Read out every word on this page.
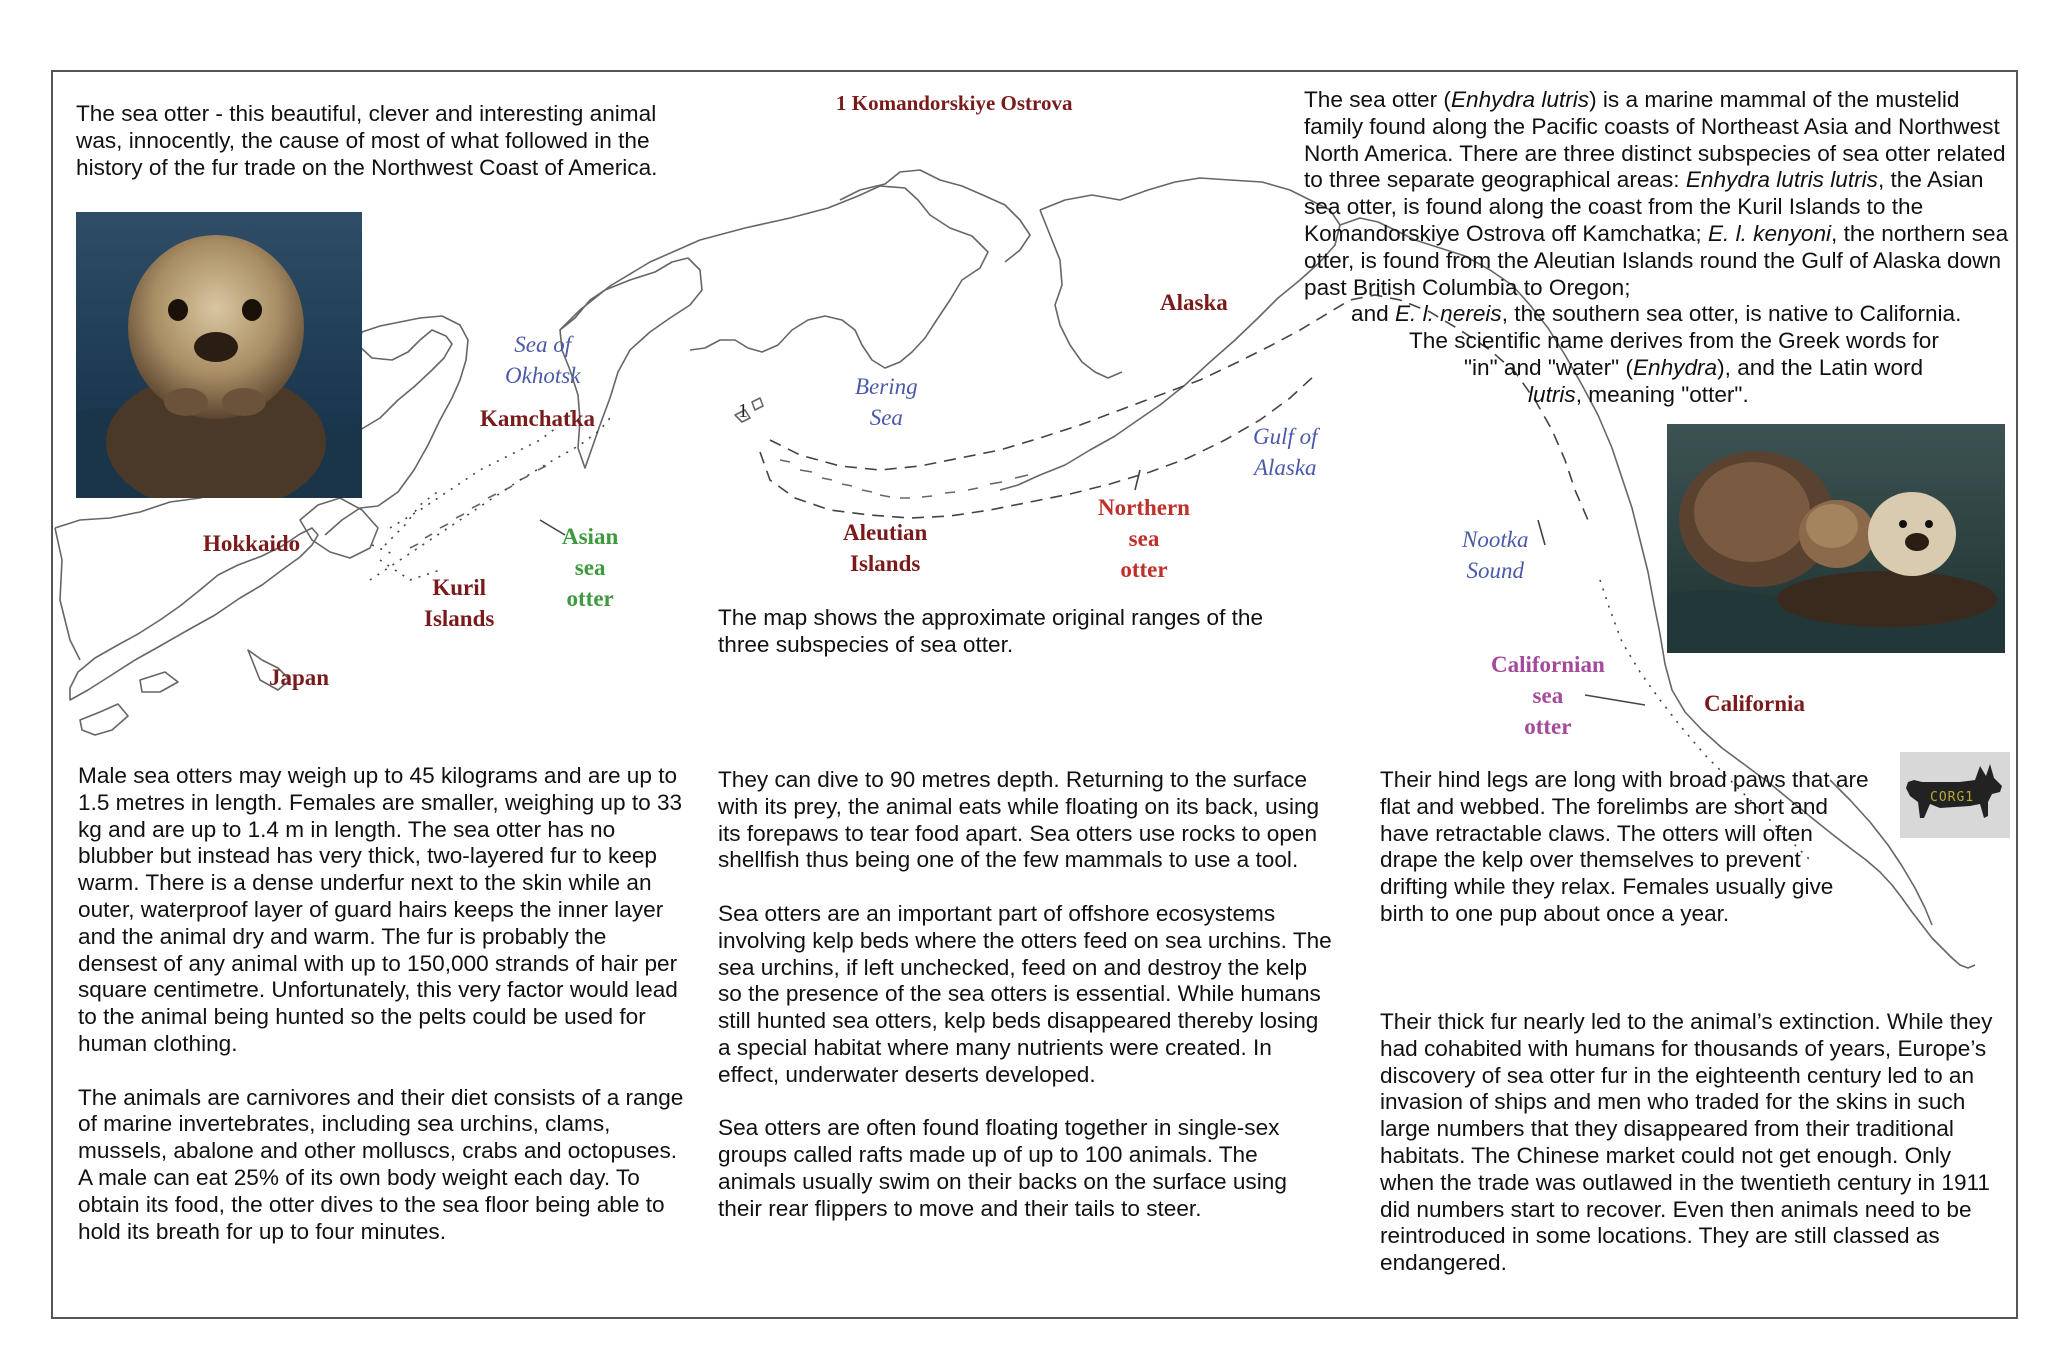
CORG1
The sea otter - this beautiful, clever and interesting animal was, innocently, the cause of most of what followed in the history of the fur trade on the Northwest Coast of America.
The sea otter (Enhydra lutris) is a marine mammal of the mustelid family found along the Pacific coasts of Northeast Asia and Northwest North America. There are three distinct subspecies of sea otter related to three separate geographical areas: Enhydra lutris lutris, the Asian sea otter, is found along the coast from the Kuril Islands to the Komandorskiye Ostrova off Kamchatka; E. l. kenyoni, the northern sea otter, is found from the Aleutian Islands round the Gulf of Alaska down past British Columbia to Oregon;
and E. l. nereis, the southern sea otter, is native to California.
The scientific name derives from the Greek words for
"in" and "water" (Enhydra), and the Latin word
lutris, meaning "otter".
The map shows the approximate original ranges of the three subspecies of sea otter.
1 Komandorskiye Ostrova
1
Sea of
Okhotsk
Kamchatka
Hokkaido
Kuril
Islands
Japan
Asian
sea
otter
Bering
Sea
Aleutian
Islands
Alaska
Gulf of
Alaska
Northern
sea
otter
Nootka
Sound
Californian
sea
otter
California

Male sea otters may weigh up to 45 kilograms and are up to 1.5 metres in length. Females are smaller, weighing up to 33 kg and are up to 1.4 m in length. The sea otter has no blubber but instead has very thick, two-layered fur to keep warm. There is a dense underfur next to the skin while an outer, waterproof layer of guard hairs keeps the inner layer and the animal dry and warm. The fur is probably the densest of any animal with up to 150,000 strands of hair per square centimetre. Unfortunately, this very factor would lead to the animal being hunted so the pelts could be used for human clothing.

The animals are carnivores and their diet consists of a range of marine invertebrates, including sea urchins, clams, mussels, abalone and other molluscs, crabs and octopuses. A male can eat 25% of its own body weight each day. To obtain its food, the otter dives to the sea floor being able to hold its breath for up to four minutes.

They can dive to 90 metres depth. Returning to the surface with its prey, the animal eats while floating on its back, using its forepaws to tear food apart. Sea otters use rocks to open shellfish thus being one of the few mammals to use a tool.

Sea otters are an important part of offshore ecosystems involving kelp beds where the otters feed on sea urchins. The sea urchins, if left unchecked, feed on and destroy the kelp so the presence of the sea otters is essential. While humans still hunted sea otters, kelp beds disappeared thereby losing a special habitat where many nutrients were created. In effect, underwater deserts developed.

Sea otters are often found floating together in single-sex groups called rafts made up of up to 100 animals. The animals usually swim on their backs on the surface using their rear flippers to move and their tails to steer.

Their hind legs are long with broad paws that are flat and webbed. The forelimbs are short and have retractable claws. The otters will often drape the kelp over themselves to prevent drifting while they relax. Females usually give birth to one pup about once a year.

Their thick fur nearly led to the animal’s extinction. While they had cohabited with humans for thousands of years, Europe’s discovery of sea otter fur in the eighteenth century led to an invasion of ships and men who traded for the skins in such large numbers that they disappeared from their traditional habitats. The Chinese market could not get enough. Only when the trade was outlawed in the twentieth century in 1911 did numbers start to recover. Even then animals need to be reintroduced in some locations. They are still classed as endangered.
